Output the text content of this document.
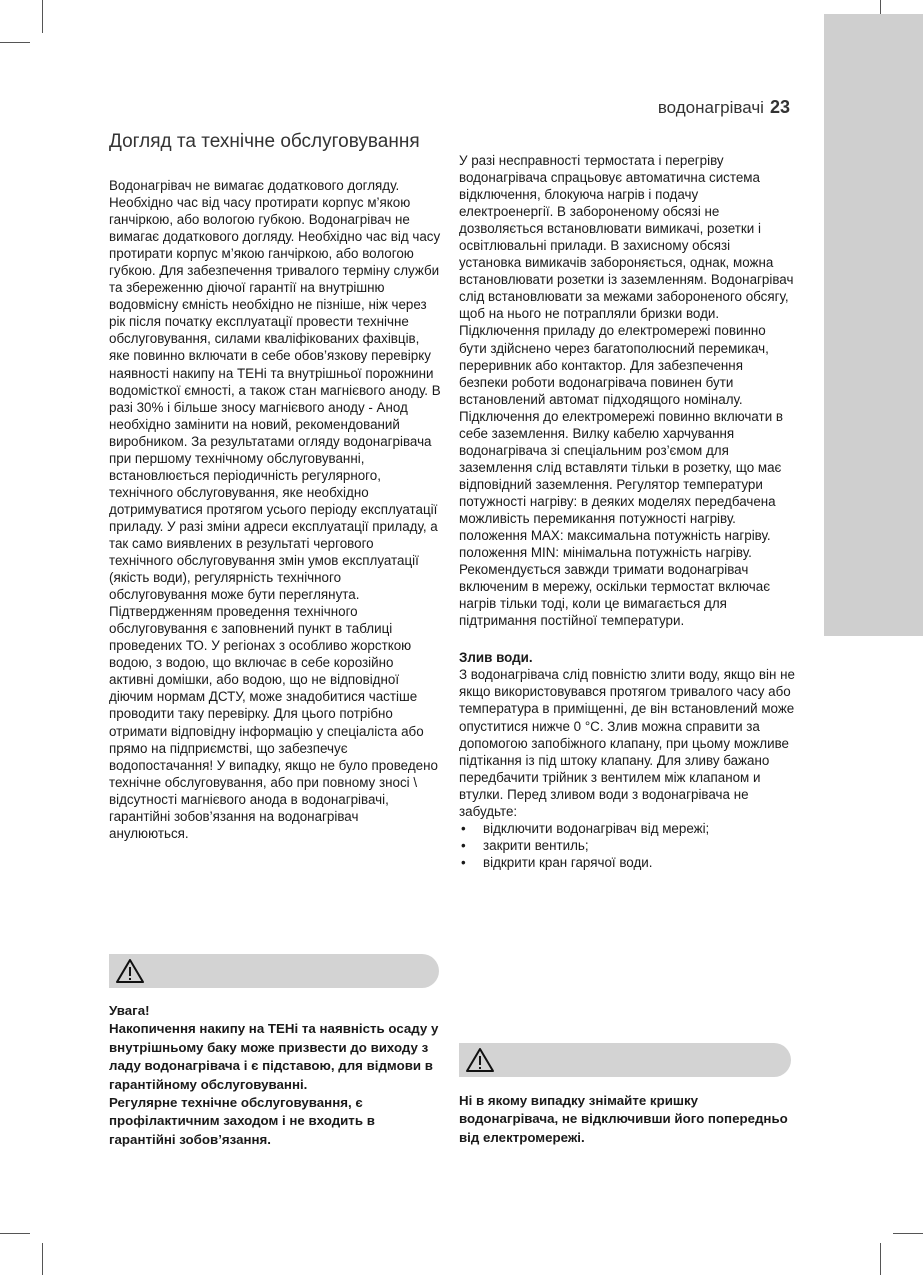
водонагрівачі 23
Догляд та технічне обслуговування

Водонагрівач не вимагає додаткового догляду. Необхідно час від часу протирати корпус м’якою ганчіркою, або вологою губкою. Водонагрівач не вимагає додаткового догляду. Необхідно час від часу протирати корпус м’якою ганчіркою, або вологою губкою. Для забезпечення тривалого терміну служби та збереженню діючої гарантії на внутрішню водовмісну ємність необхідно не пізніше, ніж через рік після початку експлуатації провести технічне обслуговування, силами кваліфікованих фахівців, яке повинно включати в себе обов’язкову перевірку наявності накипу на ТЕНі та внутрішньої порожнини водомісткої ємності, а також стан магнієвого аноду. В разі 30% і більше зносу магнієвого аноду - Анод необхідно замінити на новий, рекомендований виробником. За результатами огляду водонагрівача при першому технічному обслуговуванні, встановлюється періодичність регулярного, технічного обслуговування, яке необхідно дотримуватися протягом усього періоду експлуатації приладу. У разі зміни адреси експлуатації приладу, а так само виявлених в результаті чергового технічного обслуговування змін умов експлуатації (якість води), регулярність технічного обслуговування може бути переглянута. Підтвердженням проведення технічного обслуговування є заповнений пункт в таблиці проведених ТО. У регіонах з особливо жорсткою водою, з водою, що включає в себе корозійно активні домішки, або водою, що не відповідної діючим нормам ДСТУ, може знадобитися частіше проводити таку перевірку. Для цього потрібно отримати відповідну інформацію у спеціаліста або прямо на підприємстві, що забезпечує водопостачання! У випадку, якщо не було проведено технічне обслуговування, або при повному зносі \ відсутності магнієвого анода в водонагрівачі, гарантійні зобов’язання на водонагрівач анулюються.

Увага!

Накопичення накипу на ТЕНі та наявність осаду у внутрішньому баку може призвести до виходу з ладу водонагрівача і є підставою, для відмови в гарантійному обслуговуванні.

Регулярне технічне обслуговування, є профілактичним заходом і не входить в гарантійні зобов’язання.

У разі несправності термостата і перегріву водонагрівача спрацьовує автоматична система відключення, блокуюча нагрів і подачу електроенергії. В забороненому обсязі не дозволяється встановлювати вимикачі, розетки і освітлювальні прилади. В захисному обсязі установка вимикачів забороняється, однак, можна встановлювати розетки із заземленням. Водонагрівач слід встановлювати за межами забороненого обсягу, щоб на нього не потрапляли бризки води. Підключення приладу до електромережі повинно бути здійснено через багатополюсний перемикач, переривник або контактор. Для забезпечення безпеки роботи водонагрівача повинен бути встановлений автомат підходящого номіналу. Підключення до електромережі повинно включати в себе заземлення. Вилку кабелю харчування водонагрівача зі спеціальним роз’ємом для заземлення слід вставляти тільки в розетку, що має відповідний заземлення. Регулятор температури потужності нагріву: в деяких моделях передбачена можливість перемикання потужності нагріву. положення MAX: максимальна потужність нагріву. положення MIN: мінімальна потужність нагріву. Рекомендується завжди тримати водонагрівач включеним в мережу, оскільки термостат включає нагрів тільки тоді, коли це вимагається для підтримання постійної температури.

Злив води.

З водонагрівача слід повністю злити воду, якщо він не якщо використовувався протягом тривалого часу або температура в приміщенні, де він встановлений може опуститися нижче 0 °С. Злив можна справити за допомогою запобіжного клапану, при цьому можливе підтікання із під штоку клапану. Для зливу бажано передбачити трійник з вентилем між клапаном и втулки. Перед зливом води з водонагрівача не забудьте:

• відключити водонагрівач від мережі;
• закрити вентиль;
• відкрити кран гарячої води.

Ні в якому випадку знімайте кришку водонагрівача, не відключивши його попередньо від електромережі.
